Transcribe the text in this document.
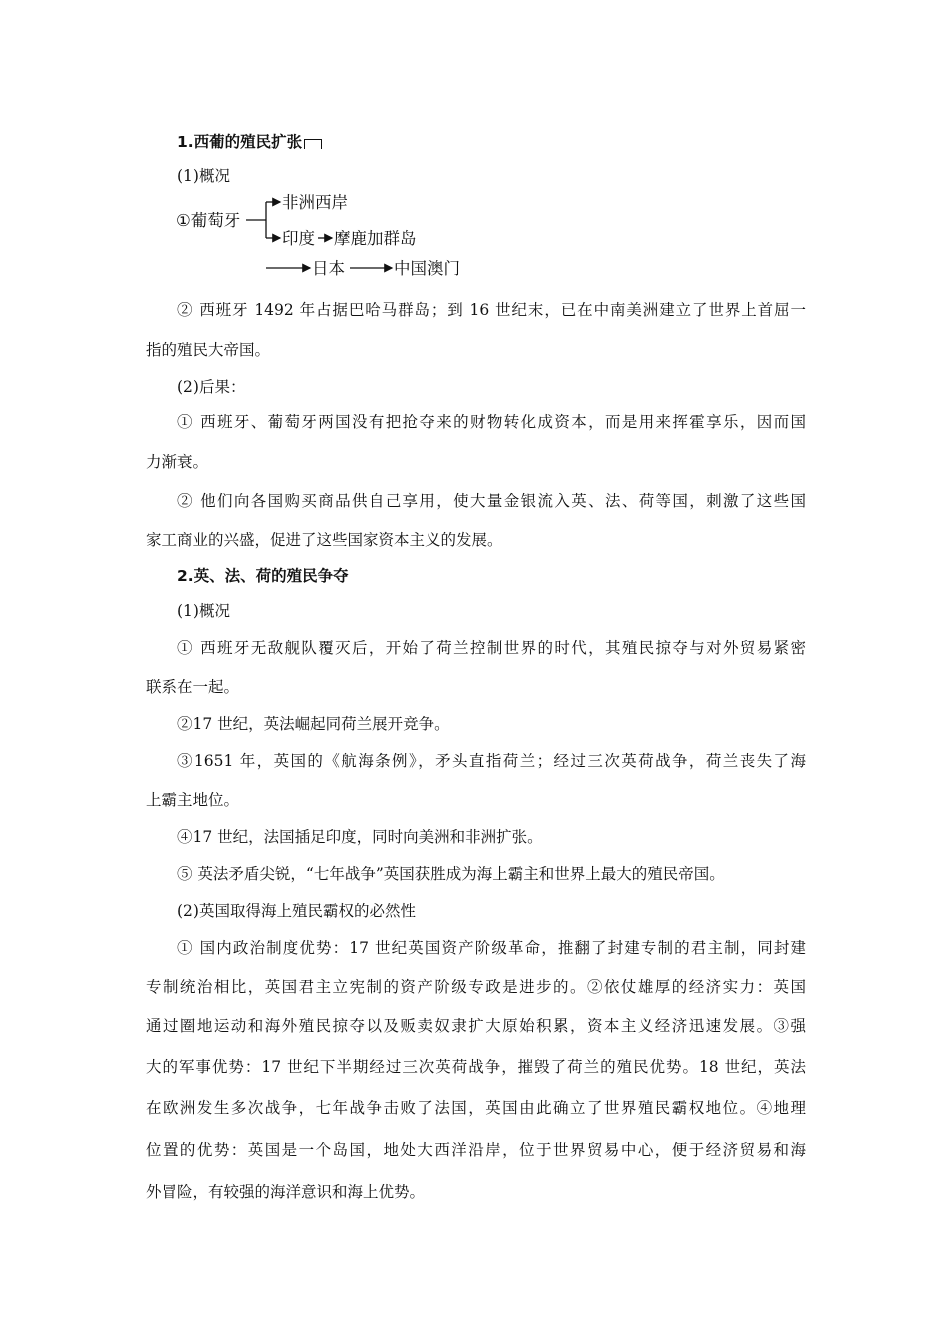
1.西葡的殖民扩张
(1)概况
①葡萄牙
非洲西岸
印度 摩鹿加群岛
日本	中国澳门
② 西班牙 1492 年占据巴哈马群岛；到 16 世纪末，已在中南美洲建立了世界上首屈一
指的殖民大帝国。
(2)后果：
① 西班牙、葡萄牙两国没有把抢夺来的财物转化成资本，而是用来挥霍享乐，因而国
力渐衰。
② 他们向各国购买商品供自己享用，使大量金银流入英、法、荷等国，刺激了这些国
家工商业的兴盛，促进了这些国家资本主义的发展。
2.英、法、荷的殖民争夺
(1)概况
① 西班牙无敌舰队覆灭后，开始了荷兰控制世界的时代，其殖民掠夺与对外贸易紧密
联系在一起。
②17 世纪，英法崛起同荷兰展开竞争。
③1651 年，英国的《航海条例》，矛头直指荷兰；经过三次英荷战争，荷兰丧失了海
上霸主地位。
④17 世纪，法国插足印度，同时向美洲和非洲扩张。
⑤ 英法矛盾尖锐，“七年战争”英国获胜成为海上霸主和世界上最大的殖民帝国。
(2)英国取得海上殖民霸权的必然性
① 国内政治制度优势：17 世纪英国资产阶级革命，推翻了封建专制的君主制，同封建
专制统治相比，英国君主立宪制的资产阶级专政是进步的。②依仗雄厚的经济实力：英国
通过圈地运动和海外殖民掠夺以及贩卖奴隶扩大原始积累，资本主义经济迅速发展。③强
大的军事优势：17 世纪下半期经过三次英荷战争，摧毁了荷兰的殖民优势。18 世纪，英法
在欧洲发生多次战争，七年战争击败了法国，英国由此确立了世界殖民霸权地位。④地理
位置的优势：英国是一个岛国，地处大西洋沿岸，位于世界贸易中心，便于经济贸易和海
外冒险，有较强的海洋意识和海上优势。
